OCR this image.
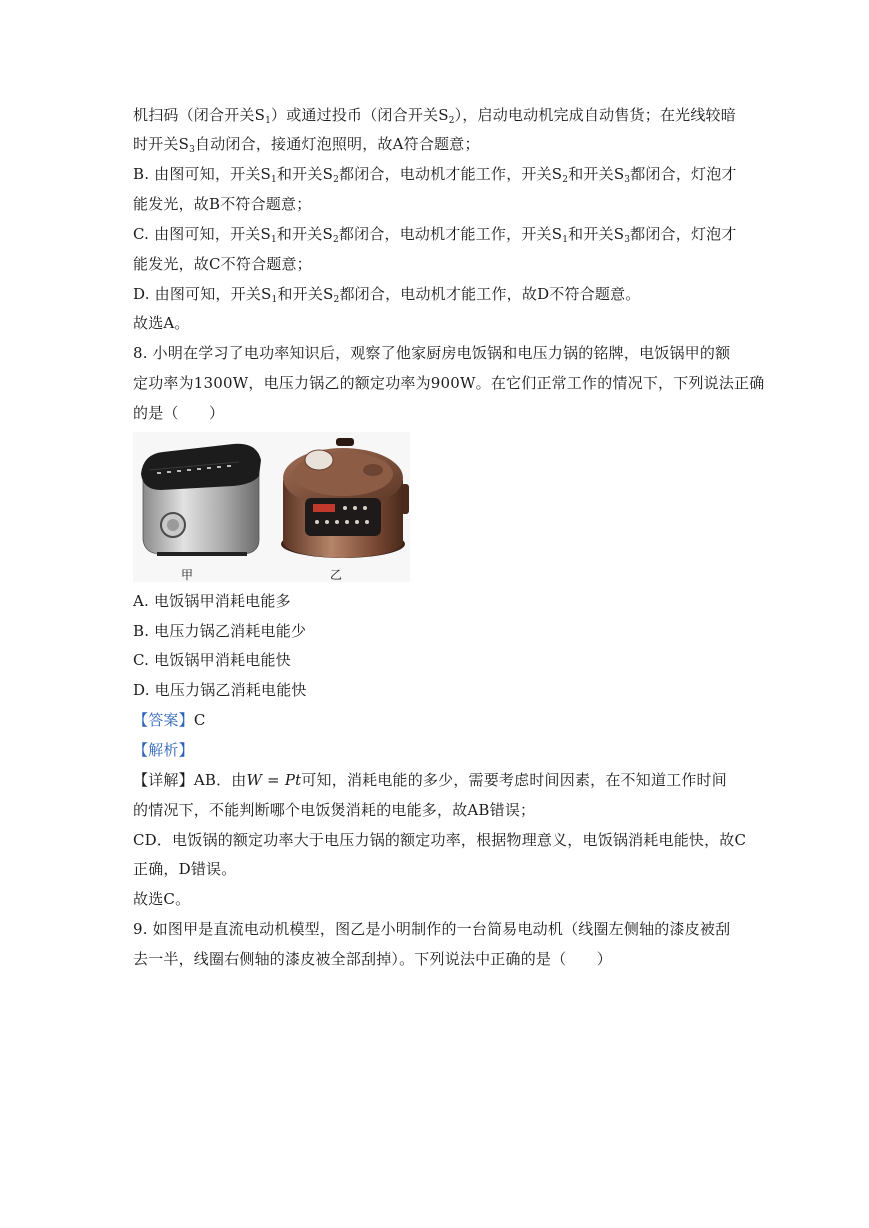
机扫码（闭合开关$S_1$）或通过投币（闭合开关$S_2$），启动电动机完成自动售货；在光线较暗
时开关$S_3$自动闭合，接通灯泡照明，故A符合题意；
B. 由图可知，开关$S_1$和开关$S_2$都闭合，电动机才能工作，开关$S_2$和开关$S_3$都闭合，灯泡才
能发光，故B不符合题意；
C. 由图可知，开关$S_1$和开关$S_2$都闭合，电动机才能工作，开关$S_1$和开关$S_3$都闭合，灯泡才
能发光，故C不符合题意；
D. 由图可知，开关$S_1$和开关$S_2$都闭合，电动机才能工作，故D不符合题意。
故选A。
8. 小明在学习了电功率知识后，观察了他家厨房电饭锅和电压力锅的铭牌，电饭锅甲的额
定功率为1300W，电压力锅乙的额定功率为900W。在它们正常工作的情况下，下列说法正确
的是（　　）
甲	乙
A. 电饭锅甲消耗电能多
B. 电压力锅乙消耗电能少
C. 电饭锅甲消耗电能快
D. 电压力锅乙消耗电能快
【答案】C
【解析】
【详解】AB．由W = Pt可知，消耗电能的多少，需要考虑时间因素，在不知道工作时间
的情况下，不能判断哪个电饭煲消耗的电能多，故AB错误；
CD．电饭锅的额定功率大于电压力锅的额定功率，根据物理意义，电饭锅消耗电能快，故C
正确，D错误。
故选C。
9. 如图甲是直流电动机模型，图乙是小明制作的一台简易电动机（线圈左侧轴的漆皮被刮
去一半，线圈右侧轴的漆皮被全部刮掉）。下列说法中正确的是（　　）
